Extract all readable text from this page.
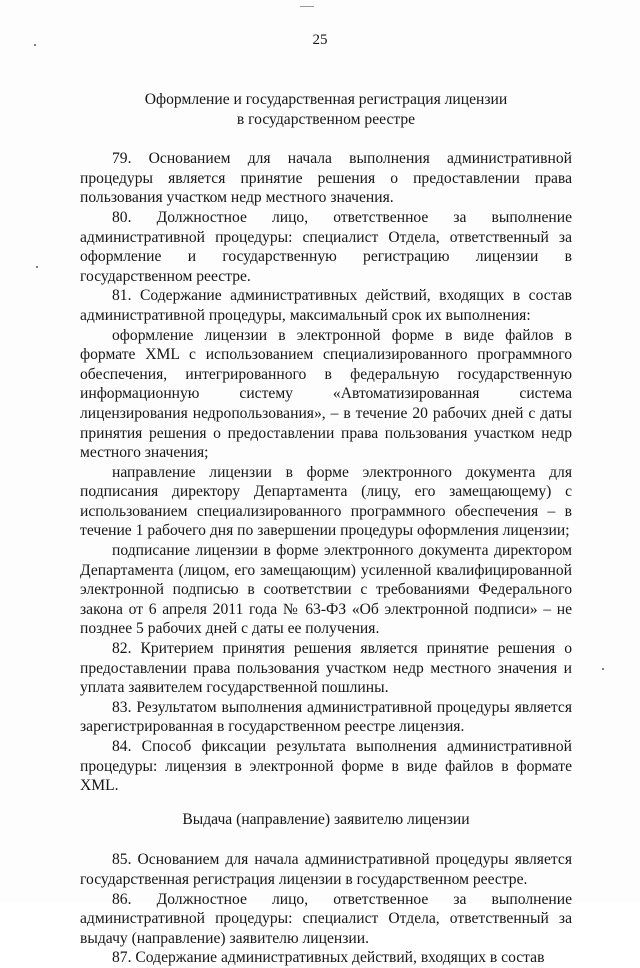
25
Оформление и государственная регистрация лицензии
в государственном реестре

79. Основанием для начала выполнения административной процедуры является принятие решения о предоставлении права пользования участком недр местного значения.

80. Должностное лицо, ответственное за выполнение административной процедуры: специалист Отдела, ответственный за оформление и государственную регистрацию лицензии в государственном реестре.

81. Содержание административных действий, входящих в состав административной процедуры, максимальный срок их выполнения:

оформление лицензии в электронной форме в виде файлов в формате XML с использованием специализированного программного обеспечения, интегрированного в федеральную государственную информационную систему «Автоматизированная система лицензирования недропользования», – в течение 20 рабочих дней с даты принятия решения о предоставлении права пользования участком недр местного значения;

направление лицензии в форме электронного документа для подписания директору Департамента (лицу, его замещающему) с использованием специализированного программного обеспечения – в течение 1 рабочего дня по завершении процедуры оформления лицензии;

подписание лицензии в форме электронного документа директором Департамента (лицом, его замещающим) усиленной квалифицированной электронной подписью в соответствии с требованиями Федерального закона от 6 апреля 2011 года № 63-ФЗ «Об электронной подписи» – не позднее 5 рабочих дней с даты ее получения.

82. Критерием принятия решения является принятие решения о предоставлении права пользования участком недр местного значения и уплата заявителем государственной пошлины.

83. Результатом выполнения административной процедуры является зарегистрированная в государственном реестре лицензия.

84. Способ фиксации результата выполнения административной процедуры: лицензия в электронной форме в виде файлов в формате XML.

Выдача (направление) заявителю лицензии

85. Основанием для начала административной процедуры является государственная регистрация лицензии в государственном реестре.

86. Должностное лицо, ответственное за выполнение административной процедуры: специалист Отдела, ответственный за выдачу (направление) заявителю лицензии.

87. Содержание административных действий, входящих в состав
